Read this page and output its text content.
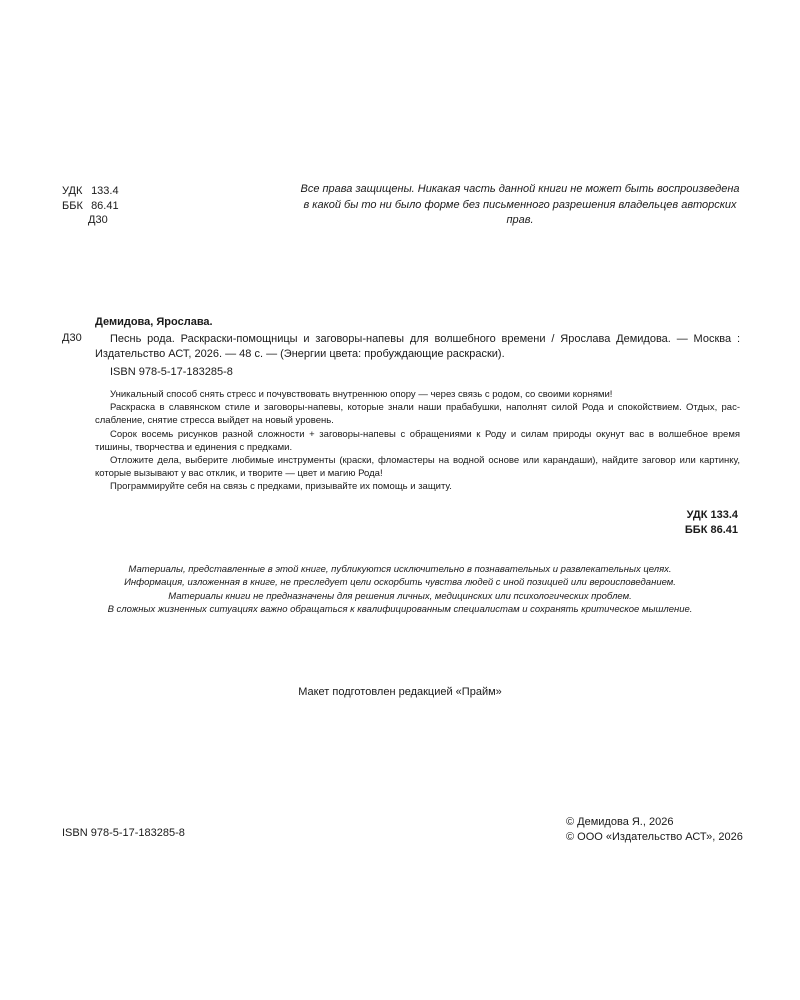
УДК 133.4
ББК 86.41
Д30
Все права защищены. Никакая часть данной книги не может быть воспроизведена в какой бы то ни было форме без письменного разрешения владельцев авторских прав.
Демидова, Ярослава.
Д30	Песнь рода. Раскраски-помощницы и заговоры-напевы для волшебного времени / Ярослава Демидова. — Москва : Издательство АСТ, 2026. — 48 с. — (Энергии цвета: пробуждающие раскраски).
ISBN 978-5-17-183285-8

Уникальный способ снять стресс и почувствовать внутреннюю опору — через связь с родом, со своими корнями!

Раскраска в славянском стиле и заговоры-напевы, которые знали наши прабабушки, наполнят силой Рода и спокойствием. Отдых, расслабление, снятие стресса выйдет на новый уровень.

Сорок восемь рисунков разной сложности + заговоры-напевы с обращениями к Роду и силам природы окунут вас в волшебное время тишины, творчества и единения с предками.

Отложите дела, выберите любимые инструменты (краски, фломастеры на водной основе или карандаши), найдите заговор или картинку, которые вызывают у вас отклик, и творите — цвет и магию Рода!

Программируйте себя на связь с предками, призывайте их помощь и защиту.

УДК 133.4
ББК 86.41
Материалы, представленные в этой книге, публикуются исключительно в познавательных и развлекательных целях.
Информация, изложенная в книге, не преследует цели оскорбить чувства людей с иной позицией или вероисповеданием.
Материалы книги не предназначены для решения личных, медицинских или психологических проблем.
В сложных жизненных ситуациях важно обращаться к квалифицированным специалистам и сохранять критическое мышление.
Макет подготовлен редакцией «Прайм»
ISBN 978-5-17-183285-8
© Демидова Я., 2026
© ООО «Издательство АСТ», 2026
